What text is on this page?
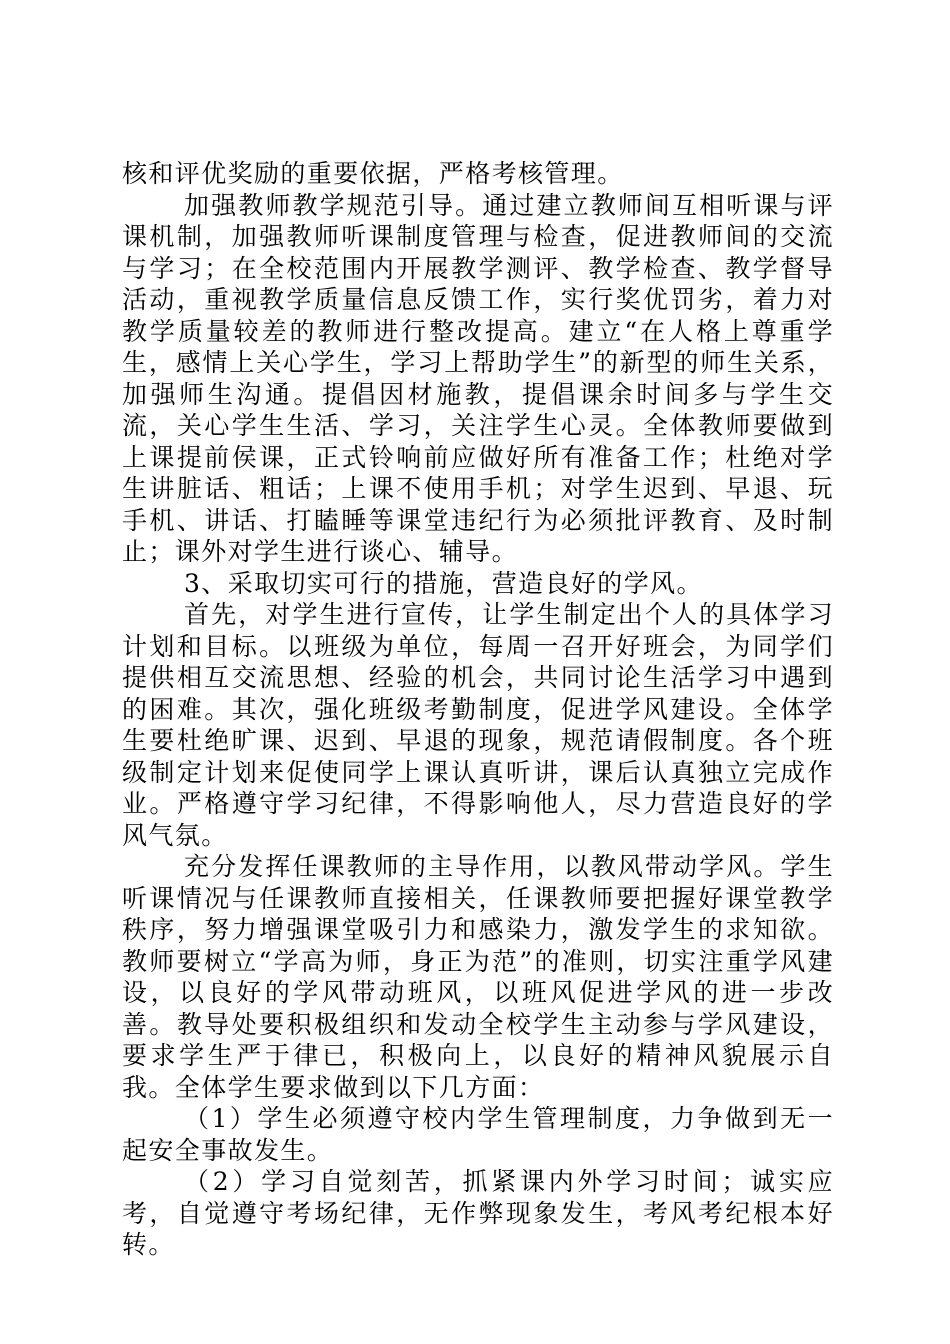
核和评优奖励的重要依据，严格考核管理。

加强教师教学规范引导。通过建立教师间互相听课与评课机制，加强教师听课制度管理与检查，促进教师间的交流与学习；在全校范围内开展教学测评、教学检查、教学督导活动，重视教学质量信息反馈工作，实行奖优罚劣，着力对教学质量较差的教师进行整改提高。建立“在人格上尊重学生，感情上关心学生，学习上帮助学生”的新型的师生关系，加强师生沟通。提倡因材施教，提倡课余时间多与学生交流，关心学生生活、学习，关注学生心灵。全体教师要做到上课提前侯课，正式铃响前应做好所有准备工作；杜绝对学生讲脏话、粗话；上课不使用手机；对学生迟到、早退、玩手机、讲话、打瞌睡等课堂违纪行为必须批评教育、及时制止；课外对学生进行谈心、辅导。

3、采取切实可行的措施，营造良好的学风。

首先，对学生进行宣传，让学生制定出个人的具体学习计划和目标。以班级为单位，每周一召开好班会，为同学们提供相互交流思想、经验的机会，共同讨论生活学习中遇到的困难。其次，强化班级考勤制度，促进学风建设。全体学生要杜绝旷课、迟到、早退的现象，规范请假制度。各个班级制定计划来促使同学上课认真听讲，课后认真独立完成作业。严格遵守学习纪律，不得影响他人，尽力营造良好的学风气氛。

充分发挥任课教师的主导作用，以教风带动学风。学生听课情况与任课教师直接相关，任课教师要把握好课堂教学秩序，努力增强课堂吸引力和感染力，激发学生的求知欲。教师要树立“学高为师，身正为范”的准则，切实注重学风建设，以良好的学风带动班风，以班风促进学风的进一步改善。教导处要积极组织和发动全校学生主动参与学风建设，要求学生严于律已，积极向上，以良好的精神风貌展示自我。全体学生要求做到以下几方面：

（1）学生必须遵守校内学生管理制度，力争做到无一起安全事故发生。

（2）学习自觉刻苦，抓紧课内外学习时间；诚实应考，自觉遵守考场纪律，无作弊现象发生，考风考纪根本好转。
